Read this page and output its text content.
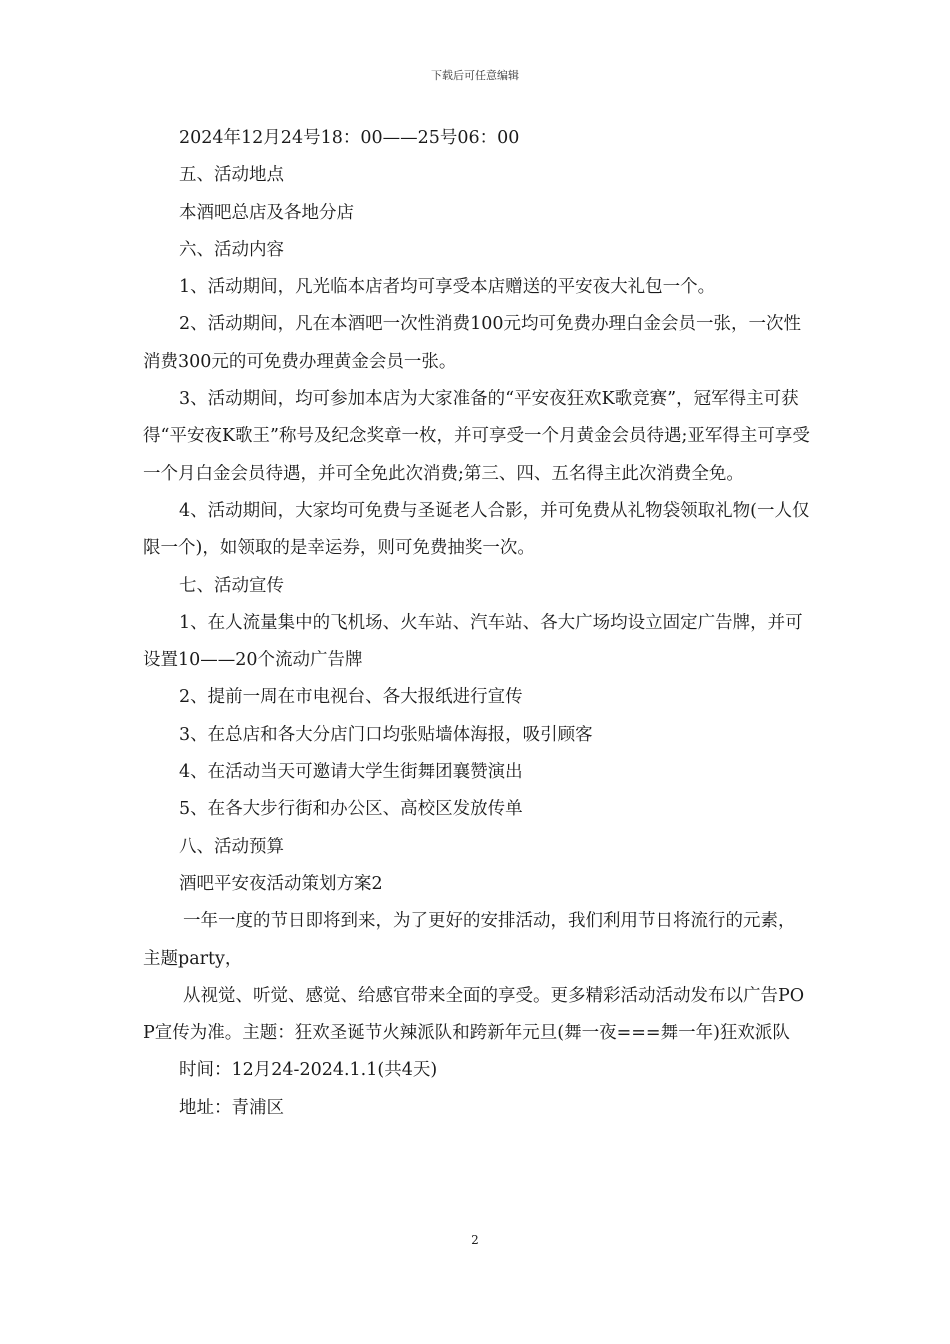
下载后可任意编辑

2024年12月24号18：00——25号06：00

五、活动地点

本酒吧总店及各地分店

六、活动内容

1、活动期间，凡光临本店者均可享受本店赠送的平安夜大礼包一个。

2、活动期间，凡在本酒吧一次性消费100元均可免费办理白金会员一张，一次性消费300元的可免费办理黄金会员一张。

3、活动期间，均可参加本店为大家准备的“平安夜狂欢K歌竞赛”，冠军得主可获得“平安夜K歌王”称号及纪念奖章一枚，并可享受一个月黄金会员待遇;亚军得主可享受一个月白金会员待遇，并可全免此次消费;第三、四、五名得主此次消费全免。

4、活动期间，大家均可免费与圣诞老人合影，并可免费从礼物袋领取礼物(一人仅限一个)，如领取的是幸运券，则可免费抽奖一次。

七、活动宣传

1、在人流量集中的飞机场、火车站、汽车站、各大广场均设立固定广告牌，并可设置10——20个流动广告牌

2、提前一周在市电视台、各大报纸进行宣传

3、在总店和各大分店门口均张贴墙体海报，吸引顾客

4、在活动当天可邀请大学生街舞团襄赞演出

5、在各大步行街和办公区、高校区发放传单

八、活动预算

酒吧平安夜活动策划方案2

一年一度的节日即将到来，为了更好的安排活动，我们利用节日将流行的元素，主题party，

从视觉、听觉、感觉、给感官带来全面的享受。更多精彩活动活动发布以广告POP宣传为准。主题：狂欢圣诞节火辣派队和跨新年元旦(舞一夜===舞一年)狂欢派队

时间：12月24-2024.1.1(共4天)

地址：青浦区

2
